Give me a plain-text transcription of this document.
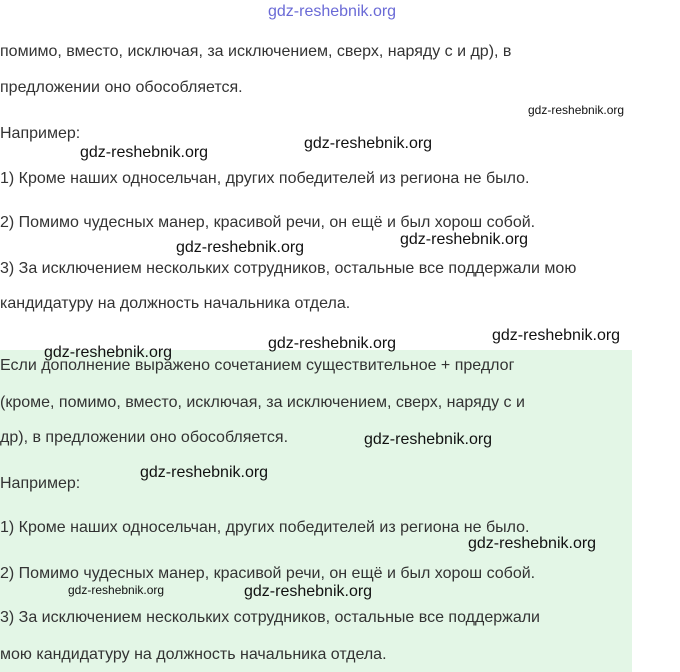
помимо, вместо, исключая, за исключением, сверх, наряду с и др), в
предложении оно обособляется.
Например:
1) Кроме наших односельчан, других победителей из региона не было.
2) Помимо чудесных манер, красивой речи, он ещё и был хорош собой.
3) За исключением нескольких сотрудников, остальные все поддержали мою
кандидатуру на должность начальника отдела.
Если дополнение выражено сочетанием существительное + предлог
(кроме, помимо, вместо, исключая, за исключением, сверх, наряду с и
др), в предложении оно обособляется.
Например:
1) Кроме наших односельчан, других победителей из региона не было.
2) Помимо чудесных манер, красивой речи, он ещё и был хорош собой.
3) За исключением нескольких сотрудников, остальные все поддержали
мою кандидатуру на должность начальника отдела.
gdz-reshebnik.org
gdz-reshebnik.org
gdz-reshebnik.org
gdz-reshebnik.org
gdz-reshebnik.org
gdz-reshebnik.org
gdz-reshebnik.org
gdz-reshebnik.org
gdz-reshebnik.org
gdz-reshebnik.org
gdz-reshebnik.org
gdz-reshebnik.org
gdz-reshebnik.org	gdz-reshebnik.org
